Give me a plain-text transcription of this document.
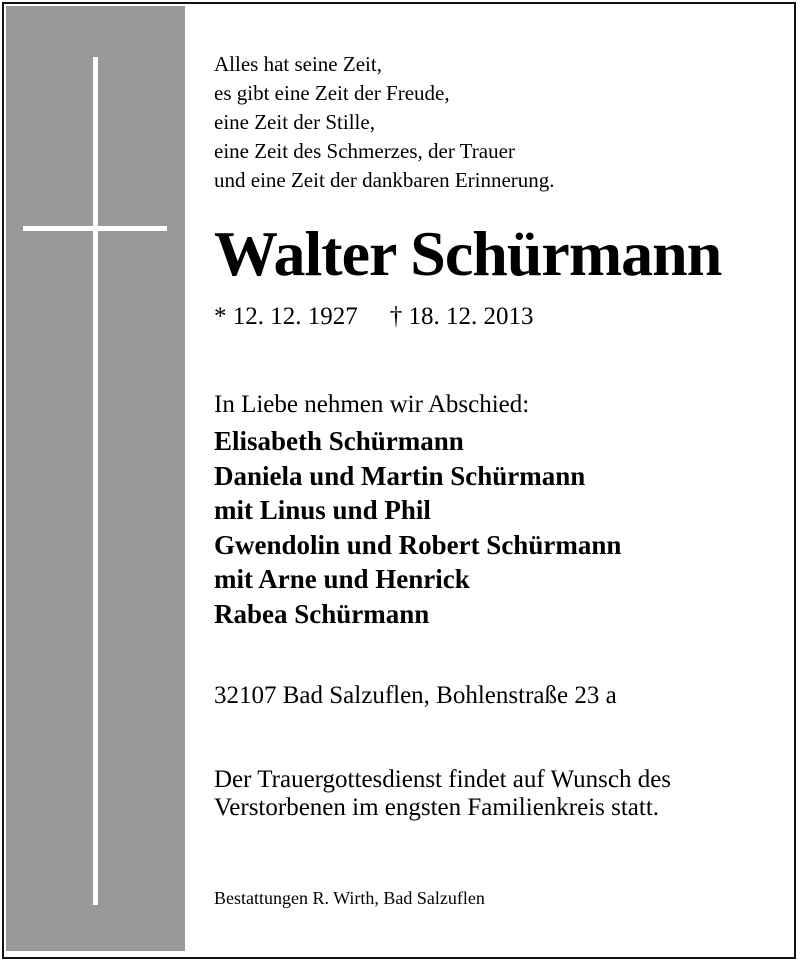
Alles hat seine Zeit,
es gibt eine Zeit der Freude,
eine Zeit der Stille,
eine Zeit des Schmerzes, der Trauer
und eine Zeit der dankbaren Erinnerung.
Walter Schürmann
* 12. 12. 1927 † 18. 12. 2013
In Liebe nehmen wir Abschied:
Elisabeth Schürmann
Daniela und Martin Schürmann
mit Linus und Phil
Gwendolin und Robert Schürmann
mit Arne und Henrick
Rabea Schürmann
32107 Bad Salzuflen, Bohlenstraße 23 a
Der Trauergottesdienst findet auf Wunsch des
Verstorbenen im engsten Familienkreis statt.
Bestattungen R. Wirth, Bad Salzuflen
